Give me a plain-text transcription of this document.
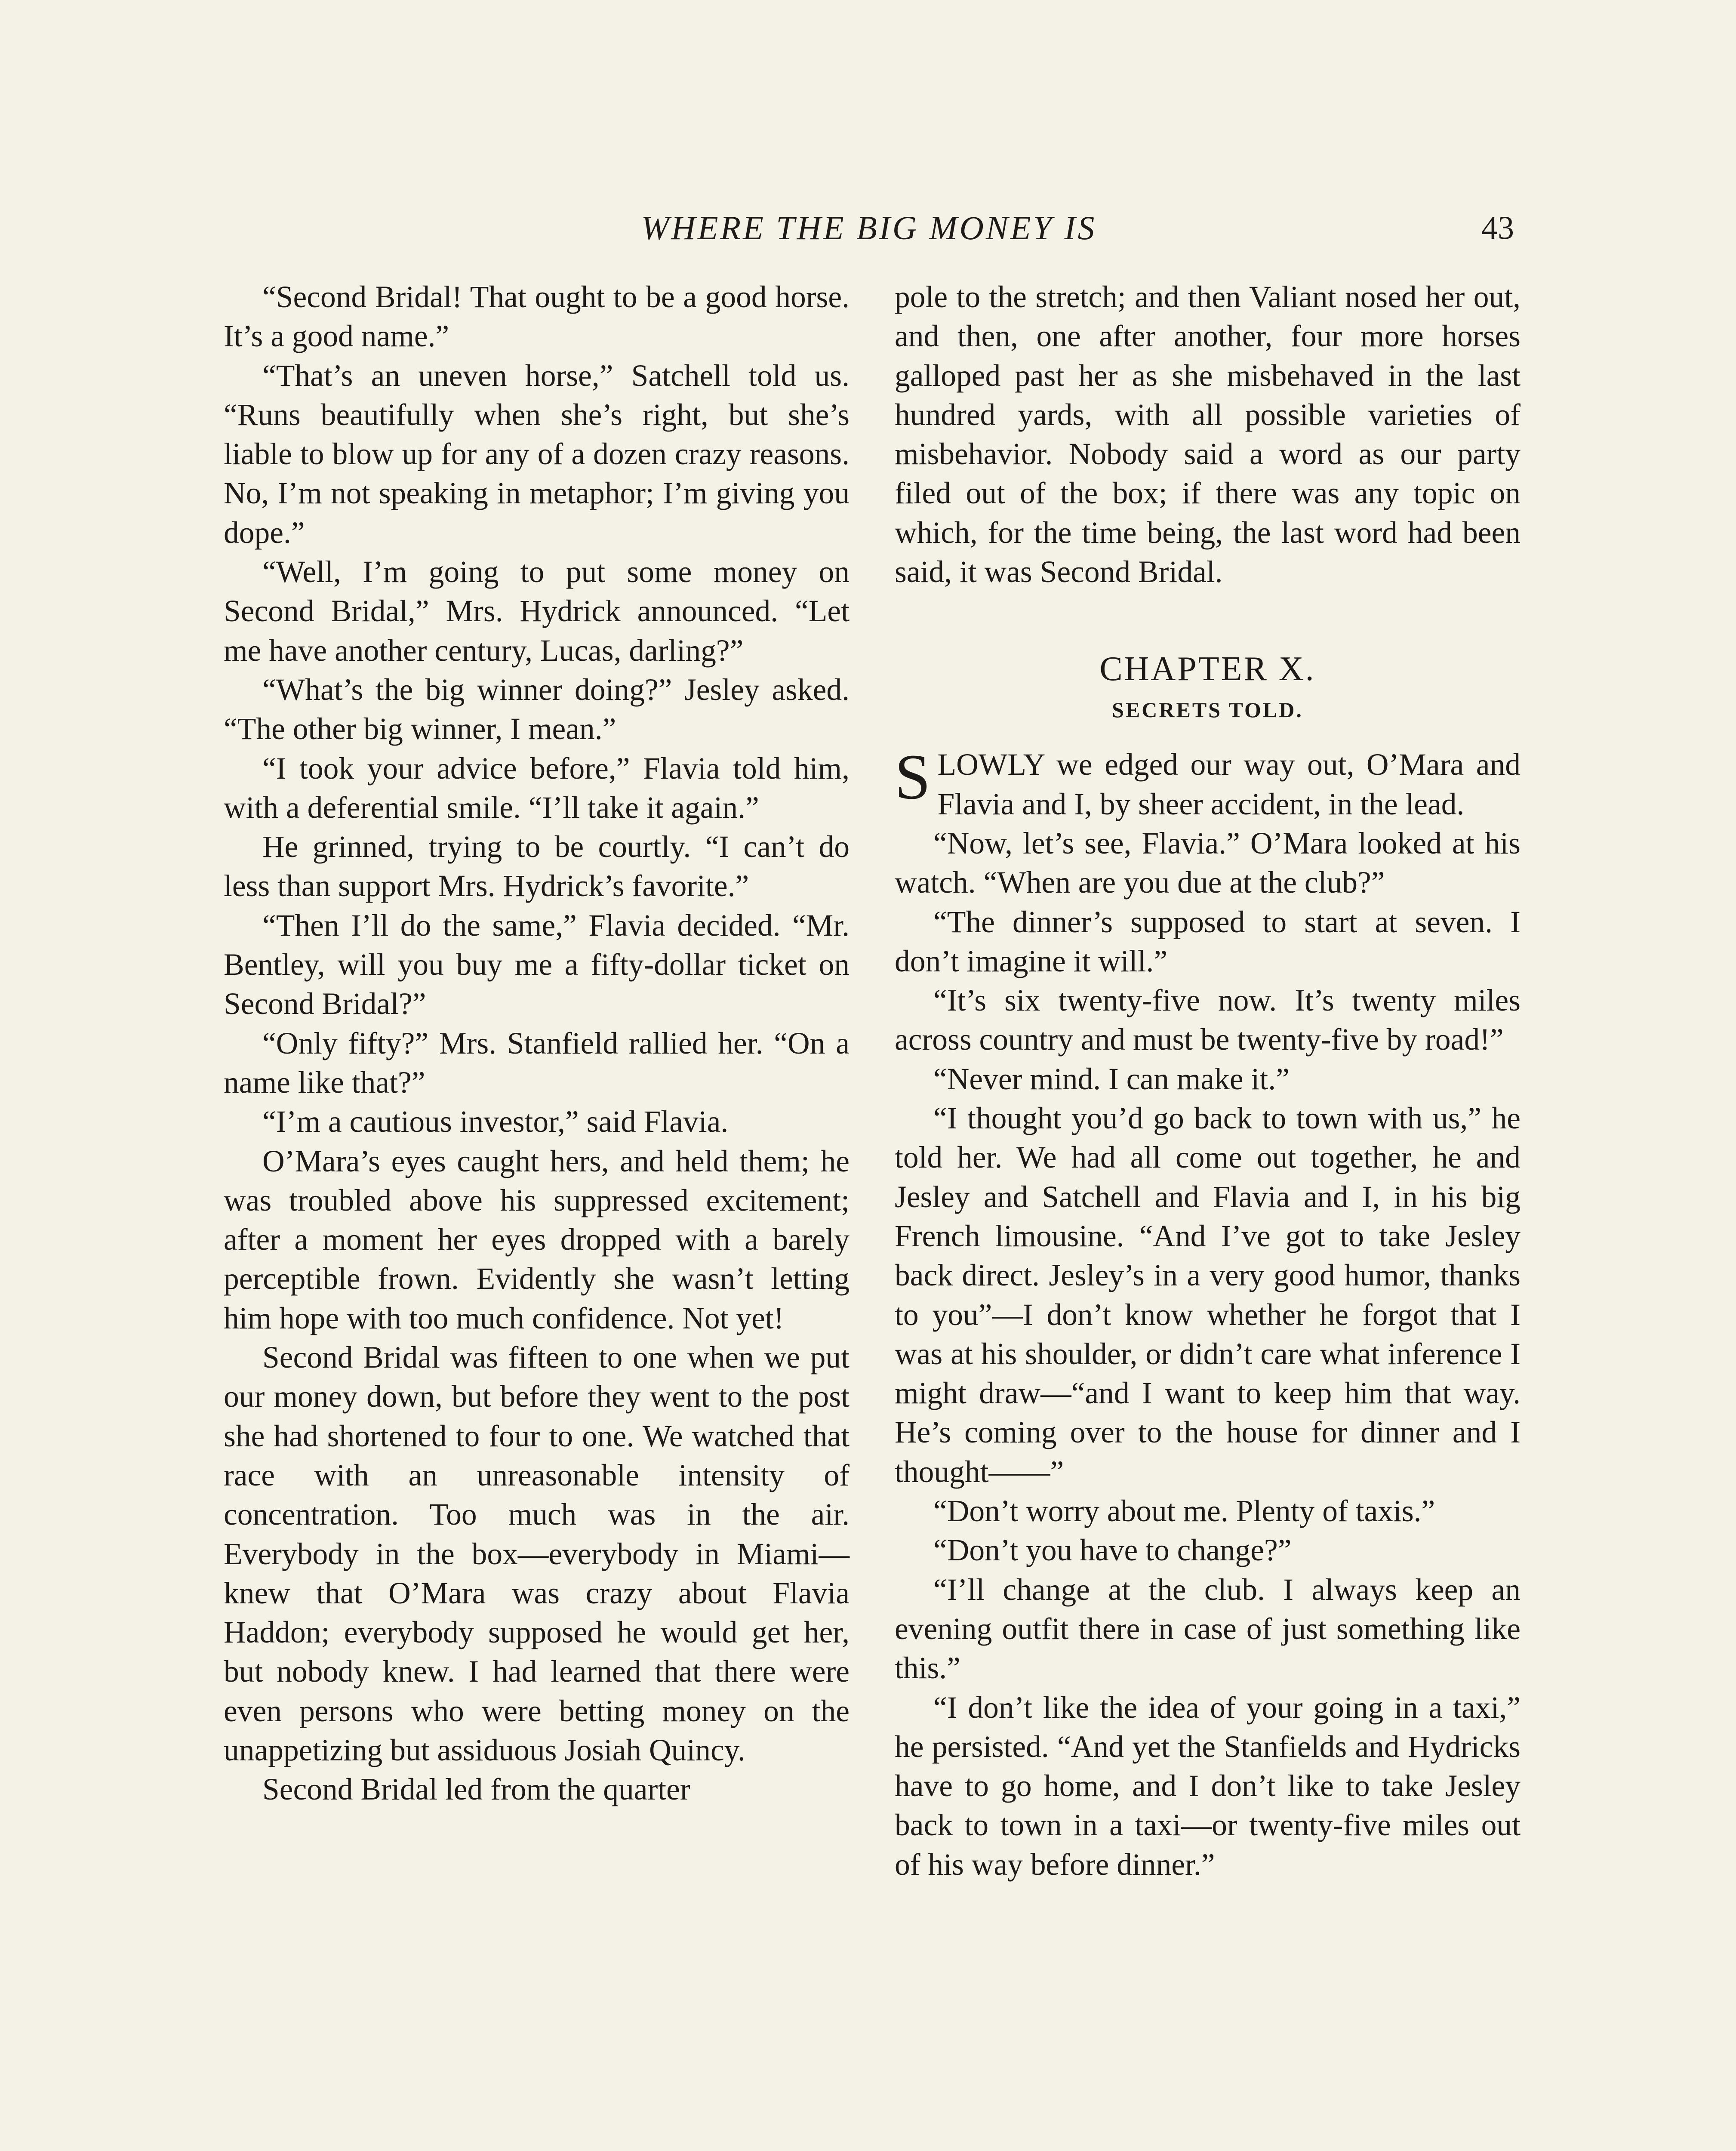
WHERE THE BIG MONEY IS	43

“Second Bridal! That ought to be a good horse. It’s a good name.”

“That’s an uneven horse,” Satchell told us. “Runs beautifully when she’s right, but she’s liable to blow up for any of a dozen crazy reasons. No, I’m not speaking in metaphor; I’m giving you dope.”

“Well, I’m going to put some money on Second Bridal,” Mrs. Hydrick announced. “Let me have another century, Lucas, darling?”

“What’s the big winner doing?” Jesley asked. “The other big winner, I mean.”

“I took your advice before,” Flavia told him, with a deferential smile. “I’ll take it again.”

He grinned, trying to be courtly. “I can’t do less than support Mrs. Hydrick’s favorite.”

“Then I’ll do the same,” Flavia decided. “Mr. Bentley, will you buy me a fifty-dollar ticket on Second Bridal?”

“Only fifty?” Mrs. Stanfield rallied her. “On a name like that?”

“I’m a cautious investor,” said Flavia.

O’Mara’s eyes caught hers, and held them; he was troubled above his suppressed excitement; after a moment her eyes dropped with a barely perceptible frown. Evidently she wasn’t letting him hope with too much confidence. Not yet!

Second Bridal was fifteen to one when we put our money down, but before they went to the post she had shortened to four to one. We watched that race with an unreasonable intensity of concentration. Too much was in the air. Everybody in the box—everybody in Miami—knew that O’Mara was crazy about Flavia Haddon; everybody supposed he would get her, but nobody knew. I had learned that there were even persons who were betting money on the unappetizing but assiduous Josiah Quincy.

Second Bridal led from the quarter

pole to the stretch; and then Valiant nosed her out, and then, one after another, four more horses galloped past her as she misbehaved in the last hundred yards, with all possible varieties of misbehavior. Nobody said a word as our party filed out of the box; if there was any topic on which, for the time being, the last word had been said, it was Second Bridal.

CHAPTER X.
SECRETS TOLD.

SLOWLY we edged our way out, O’Mara and Flavia and I, by sheer accident, in the lead.

“Now, let’s see, Flavia.” O’Mara looked at his watch. “When are you due at the club?”

“The dinner’s supposed to start at seven. I don’t imagine it will.”

“It’s six twenty-five now. It’s twenty miles across country and must be twenty-five by road!”

“Never mind. I can make it.”

“I thought you’d go back to town with us,” he told her. We had all come out together, he and Jesley and Satchell and Flavia and I, in his big French limousine. “And I’ve got to take Jesley back direct. Jesley’s in a very good humor, thanks to you”—I don’t know whether he forgot that I was at his shoulder, or didn’t care what inference I might draw—“and I want to keep him that way. He’s coming over to the house for dinner and I thought——”

“Don’t worry about me. Plenty of taxis.”

“Don’t you have to change?”

“I’ll change at the club. I always keep an evening outfit there in case of just something like this.”

“I don’t like the idea of your going in a taxi,” he persisted. “And yet the Stanfields and Hydricks have to go home, and I don’t like to take Jesley back to town in a taxi—or twenty-five miles out of his way before dinner.”
